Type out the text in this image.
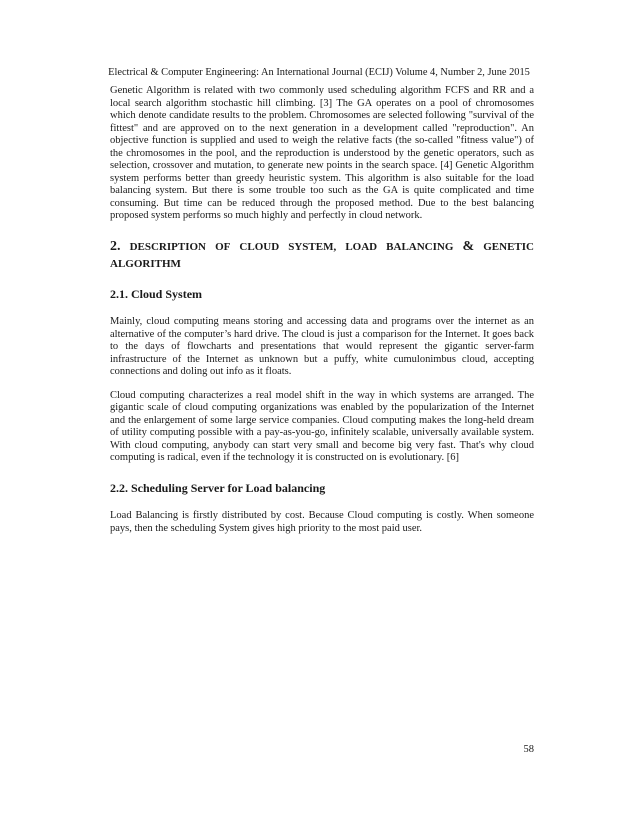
Electrical & Computer Engineering: An International Journal (ECIJ) Volume 4, Number 2, June 2015

Genetic Algorithm is related with two commonly used scheduling algorithm FCFS and RR and a local search algorithm stochastic hill climbing. [3] The GA operates on a pool of chromosomes which denote candidate results to the problem. Chromosomes are selected following "survival of the fittest" and are approved on to the next generation in a development called "reproduction". An objective function is supplied and used to weigh the relative facts (the so-called "fitness value") of the chromosomes in the pool, and the reproduction is understood by the genetic operators, such as selection, crossover and mutation, to generate new points in the search space. [4] Genetic Algorithm system performs better than greedy heuristic system. This algorithm is also suitable for the load balancing system. But there is some trouble too such as the GA is quite complicated and time consuming. But time can be reduced through the proposed method. Due to the best balancing proposed system performs so much highly and perfectly in cloud network.

2. DESCRIPTION OF CLOUD SYSTEM, LOAD BALANCING & GENETIC
ALGORITHM
2.1. Cloud System

Mainly, cloud computing means storing and accessing data and programs over the internet as an alternative of the computer’s hard drive. The cloud is just a comparison for the Internet. It goes back to the days of flowcharts and presentations that would represent the gigantic server-farm infrastructure of the Internet as unknown but a puffy, white cumulonimbus cloud, accepting connections and doling out info as it floats.

Cloud computing characterizes a real model shift in the way in which systems are arranged. The gigantic scale of cloud computing organizations was enabled by the popularization of the Internet and the enlargement of some large service companies. Cloud computing makes the long-held dream of utility computing possible with a pay-as-you-go, infinitely scalable, universally available system. With cloud computing, anybody can start very small and become big very fast. That's why cloud computing is radical, even if the technology it is constructed on is evolutionary. [6]

2.2. Scheduling Server for Load balancing

Load Balancing is firstly distributed by cost. Because Cloud computing is costly. When someone pays, then the scheduling System gives high priority to the most paid user.

58
